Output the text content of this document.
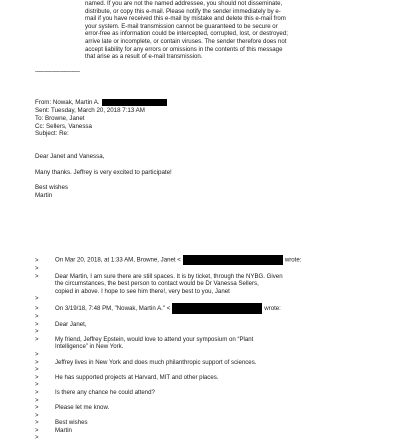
named. If you are not the named addressee, you should not disseminate,
distribute, or copy this e-mail. Please notify the sender immediately by e-
mail if you have received this e-mail by mistake and delete this e-mail from
your system. E-mail transmission cannot be guaranteed to be secure or
error-free as information could be intercepted, corrupted, lost, or destroyed;
arrive late or incomplete, or contain viruses. The sender therefore does not
accept liability for any errors or omissions in the contents of this message
that arise as a result of e-mail transmission.
----------------------------
From: Nowak, Martin A.
Sent: Tuesday, March 20, 2018 7:13 AM
To: Browne, Janet
Cc: Sellers, Vanessa
Subject: Re:
Dear Janet and Vanessa,
Many thanks. Jeffrey is very excited to participate!
Best wishes
Martin
>	On Mar 20, 2018, at 1:33 AM, Browne, Janet <	wrote:
>
>	Dear Martin, I am sure there are still spaces. It is by ticket, through the NYBG. Given
the circumstances, the best person to contact would be Dr Vanessa Sellers,
copied in above. I hope to see him there!, very best to you, Janet
>
>	On 3/19/18, 7:48 PM, "Nowak, Martin A." <	wrote:
>
>	Dear Janet,
>
>	My friend, Jeffrey Epstein, would love to attend your symposium on “Plant
Intelligence” in New York.
>
>	Jeffrey lives in New York and does much philanthropic support of sciences.
>
>	He has supported projects at Harvard, MIT and other places.
>
>	Is there any chance he could attend?
>
>	Please let me know.
>
>	Best wishes
>	Martin
>
